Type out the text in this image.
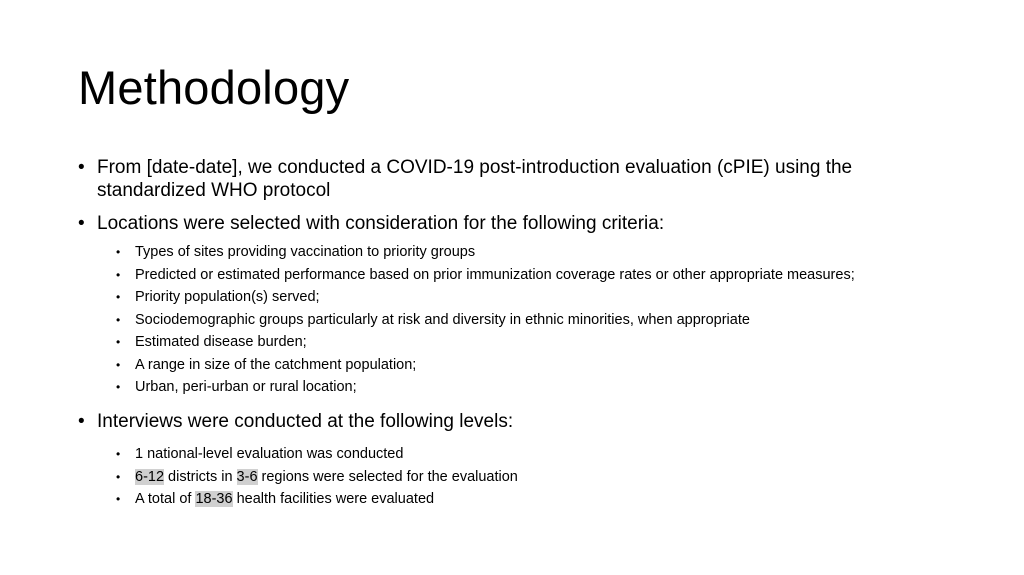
Methodology
• From [date-date], we conducted a COVID-19 post-introduction evaluation (cPIE) using the standardized WHO protocol
• Locations were selected with consideration for the following criteria:
• Types of sites providing vaccination to priority groups
• Predicted or estimated performance based on prior immunization coverage rates or other appropriate measures;
• Priority population(s) served;
• Sociodemographic groups particularly at risk and diversity in ethnic minorities, when appropriate
• Estimated disease burden;
• A range in size of the catchment population;
• Urban, peri-urban or rural location;
• Interviews were conducted at the following levels:
• 1 national-level evaluation was conducted
• 6-12 districts in 3-6 regions were selected for the evaluation
• A total of 18-36 health facilities were evaluated
